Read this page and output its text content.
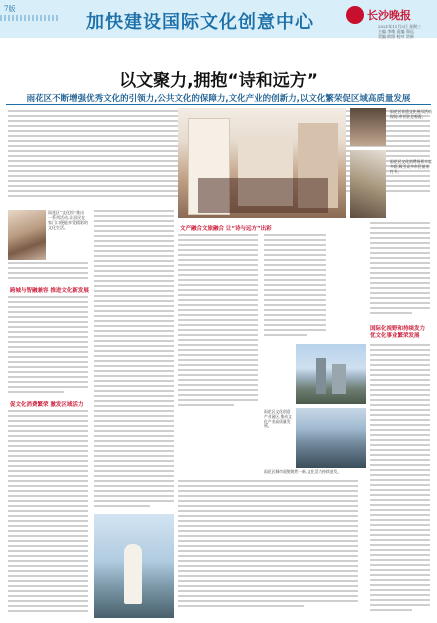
7版
加快建设国际文化创意中心	长沙晚报
2021年11月3日 星期三
主编 李维 责编 郑远
美编 欧阳 校对 贺新
以文聚力,拥抱“诗和远方”
雨花区不断增强优秀文化的引领力,公共文化的保障力,文化产业的创新力,以文化繁荣促区域高质量发展
雨花区“文化馆”推出一系列活动,让居民在家门口便能享受精彩的文化生活。
跨城与智融兼容 推进文化新发展
促文化消费繁荣 激发区域活力
雨花区非遗文化展示活动现场,市民驻足观看。
雨花区文化消费场景丰富多彩,吸引众多市民前来打卡。
文产融合文旅融合 让“诗与远方”出彩
雨花区文化创意产业园区,推动文化产业高质量发展。
雨花区城市面貌焕然一新,文化活力持续迸发。
国际化视野和持续发力 优文化事业繁荣发展
